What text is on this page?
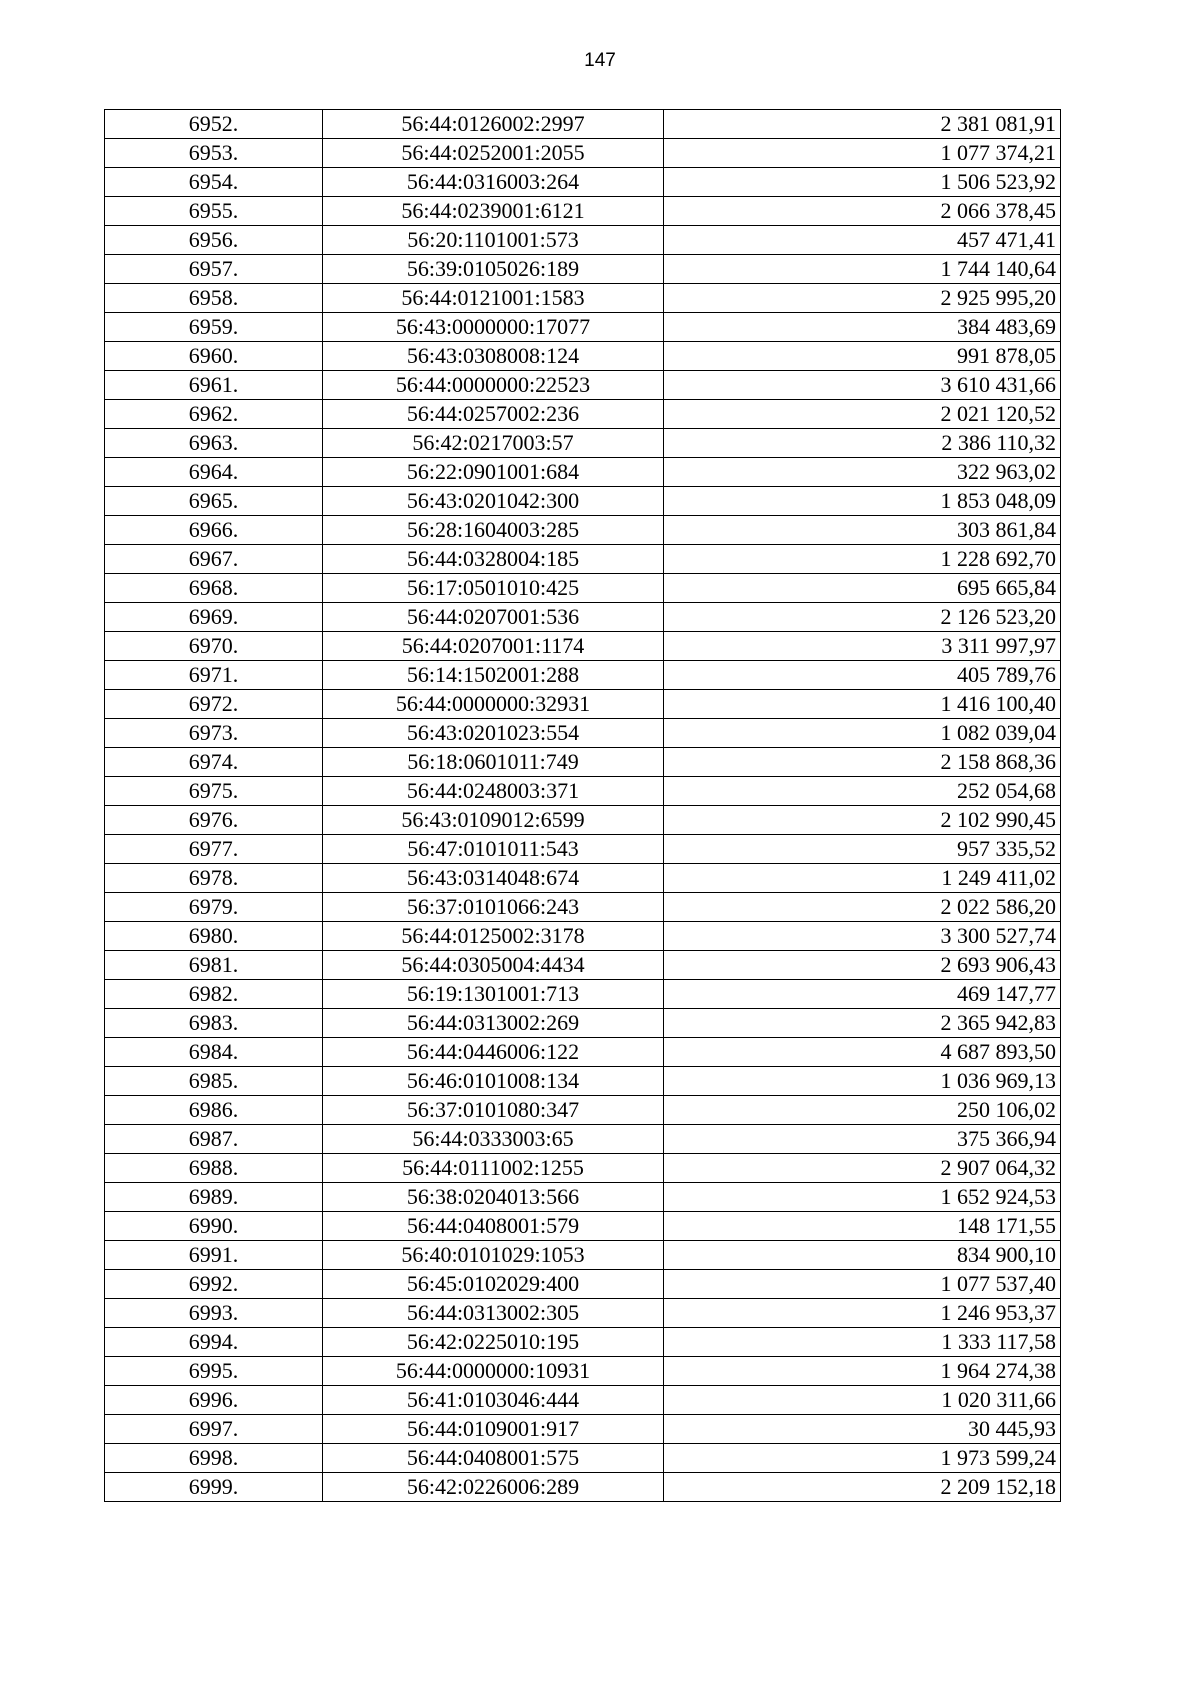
147
6952.	56:44:0126002:2997	2 381 081,91
6953.	56:44:0252001:2055	1 077 374,21
6954.	56:44:0316003:264	1 506 523,92
6955.	56:44:0239001:6121	2 066 378,45
6956.	56:20:1101001:573	457 471,41
6957.	56:39:0105026:189	1 744 140,64
6958.	56:44:0121001:1583	2 925 995,20
6959.	56:43:0000000:17077	384 483,69
6960.	56:43:0308008:124	991 878,05
6961.	56:44:0000000:22523	3 610 431,66
6962.	56:44:0257002:236	2 021 120,52
6963.	56:42:0217003:57	2 386 110,32
6964.	56:22:0901001:684	322 963,02
6965.	56:43:0201042:300	1 853 048,09
6966.	56:28:1604003:285	303 861,84
6967.	56:44:0328004:185	1 228 692,70
6968.	56:17:0501010:425	695 665,84
6969.	56:44:0207001:536	2 126 523,20
6970.	56:44:0207001:1174	3 311 997,97
6971.	56:14:1502001:288	405 789,76
6972.	56:44:0000000:32931	1 416 100,40
6973.	56:43:0201023:554	1 082 039,04
6974.	56:18:0601011:749	2 158 868,36
6975.	56:44:0248003:371	252 054,68
6976.	56:43:0109012:6599	2 102 990,45
6977.	56:47:0101011:543	957 335,52
6978.	56:43:0314048:674	1 249 411,02
6979.	56:37:0101066:243	2 022 586,20
6980.	56:44:0125002:3178	3 300 527,74
6981.	56:44:0305004:4434	2 693 906,43
6982.	56:19:1301001:713	469 147,77
6983.	56:44:0313002:269	2 365 942,83
6984.	56:44:0446006:122	4 687 893,50
6985.	56:46:0101008:134	1 036 969,13
6986.	56:37:0101080:347	250 106,02
6987.	56:44:0333003:65	375 366,94
6988.	56:44:0111002:1255	2 907 064,32
6989.	56:38:0204013:566	1 652 924,53
6990.	56:44:0408001:579	148 171,55
6991.	56:40:0101029:1053	834 900,10
6992.	56:45:0102029:400	1 077 537,40
6993.	56:44:0313002:305	1 246 953,37
6994.	56:42:0225010:195	1 333 117,58
6995.	56:44:0000000:10931	1 964 274,38
6996.	56:41:0103046:444	1 020 311,66
6997.	56:44:0109001:917	30 445,93
6998.	56:44:0408001:575	1 973 599,24
6999.	56:42:0226006:289	2 209 152,18
